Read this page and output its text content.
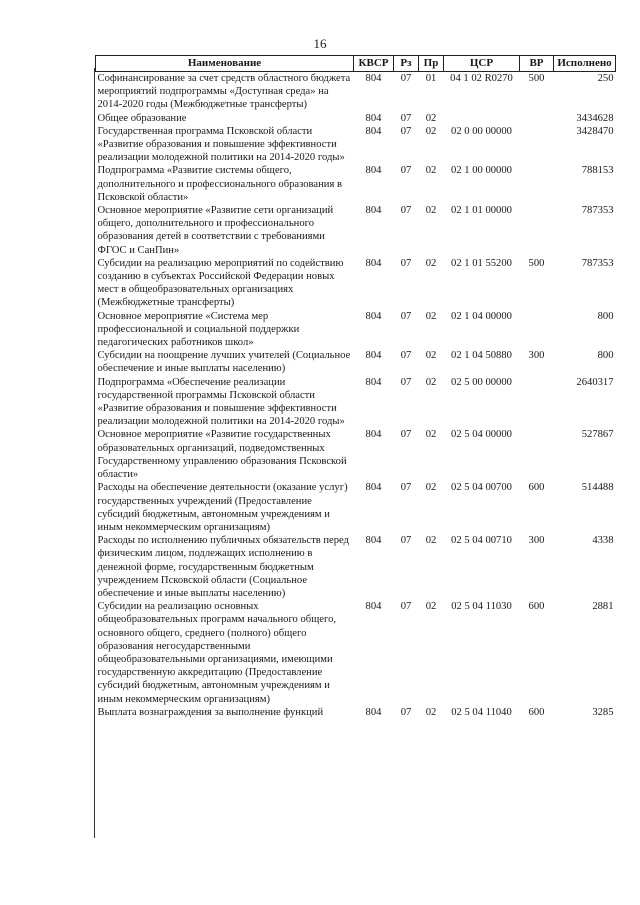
16
Наименование	КВСР	Рз	Пр	ЦСР	ВР	Исполнено
Софинансирование за счет средств областного бюджета мероприятий подпрограммы «Доступная среда» на 2014-2020 годы (Межбюджетные трансферты)	804	07	01	04 1 02 R0270	500	250
Общее образование	804	07	02			3434628
Государственная программа Псковской области «Развитие образования и повышение эффективности реализации молодежной политики на 2014-2020 годы»	804	07	02	02 0 00 00000		3428470
Подпрограмма «Развитие системы общего, дополнительного и профессионального образования в Псковской области»	804	07	02	02 1 00 00000		788153
Основное мероприятие «Развитие сети организаций общего, дополнительного и профессионального образования детей в соответствии с требованиями ФГОС и СанПин»	804	07	02	02 1 01 00000		787353
Субсидии на реализацию мероприятий по содействию созданию в субъектах Российской Федерации новых мест в общеобразовательных организациях (Межбюджетные трансферты)	804	07	02	02 1 01 55200	500	787353
Основное мероприятие «Система мер профессиональной и социальной поддержки педагогических работников школ»	804	07	02	02 1 04 00000		800
Субсидии на поощрение лучших учителей (Социальное обеспечение и иные выплаты населению)	804	07	02	02 1 04 50880	300	800
Подпрограмма «Обеспечение реализации государственной программы Псковской области «Развитие образования и повышение эффективности реализации молодежной политики на 2014-2020 годы»	804	07	02	02 5 00 00000		2640317
Основное мероприятие «Развитие государственных образовательных организаций, подведомственных Государственному управлению образования Псковской области»	804	07	02	02 5 04 00000		527867
Расходы на обеспечение деятельности (оказание услуг) государственных учреждений (Предоставление субсидий бюджетным, автономным учреждениям и иным некоммерческим организациям)	804	07	02	02 5 04 00700	600	514488
Расходы по исполнению публичных обязательств перед физическим лицом, подлежащих исполнению в денежной форме, государственным бюджетным учреждением Псковской области (Социальное обеспечение и иные выплаты населению)	804	07	02	02 5 04 00710	300	4338
Субсидии на реализацию основных общеобразовательных программ начального общего, основного общего, среднего (полного) общего образования негосударственными общеобразовательными организациями, имеющими государственную аккредитацию (Предоставление субсидий бюджетным, автономным учреждениям и иным некоммерческим организациям)	804	07	02	02 5 04 11030	600	2881
Выплата вознаграждения за выполнение функций	804	07	02	02 5 04 11040	600	3285
